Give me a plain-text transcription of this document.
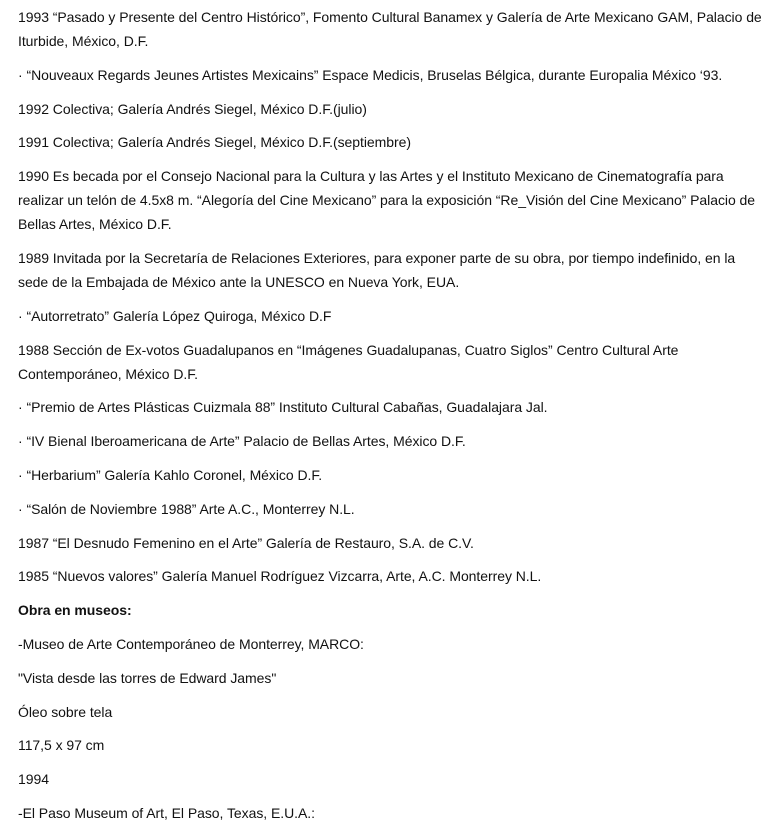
1993 “Pasado y Presente del Centro Histórico”, Fomento Cultural Banamex y Galería de Arte Mexicano GAM, Palacio de Iturbide, México, D.F.

· “Nouveaux Regards Jeunes Artistes Mexicains” Espace Medicis, Bruselas Bélgica, durante Europalia México ‘93.

1992 Colectiva; Galería Andrés Siegel, México D.F.(julio)

1991 Colectiva; Galería Andrés Siegel, México D.F.(septiembre)

1990 Es becada por el Consejo Nacional para la Cultura y las Artes y el Instituto Mexicano de Cinematografía para realizar un telón de 4.5x8 m. “Alegoría del Cine Mexicano” para la exposición “Re_Visión del Cine Mexicano” Palacio de Bellas Artes, México D.F.

1989 Invitada por la Secretaría de Relaciones Exteriores, para exponer parte de su obra, por tiempo indefinido, en la sede de la Embajada de México ante la UNESCO en Nueva York, EUA.

· “Autorretrato” Galería López Quiroga, México D.F

1988 Sección de Ex-votos Guadalupanos en “Imágenes Guadalupanas, Cuatro Siglos” Centro Cultural Arte Contemporáneo, México D.F.

· “Premio de Artes Plásticas Cuizmala 88” Instituto Cultural Cabañas, Guadalajara Jal.

· “IV Bienal Iberoamericana de Arte” Palacio de Bellas Artes, México D.F.

· “Herbarium” Galería Kahlo Coronel, México D.F.

· “Salón de Noviembre 1988” Arte A.C., Monterrey N.L.

1987 “El Desnudo Femenino en el Arte” Galería de Restauro, S.A. de C.V.

1985 “Nuevos valores” Galería Manuel Rodríguez Vizcarra, Arte, A.C. Monterrey N.L.

Obra en museos:

-Museo de Arte Contemporáneo de Monterrey, MARCO:

"Vista desde las torres de Edward James"

Óleo sobre tela

117,5 x 97 cm

1994

-El Paso Museum of Art, El Paso, Texas, E.U.A.:
